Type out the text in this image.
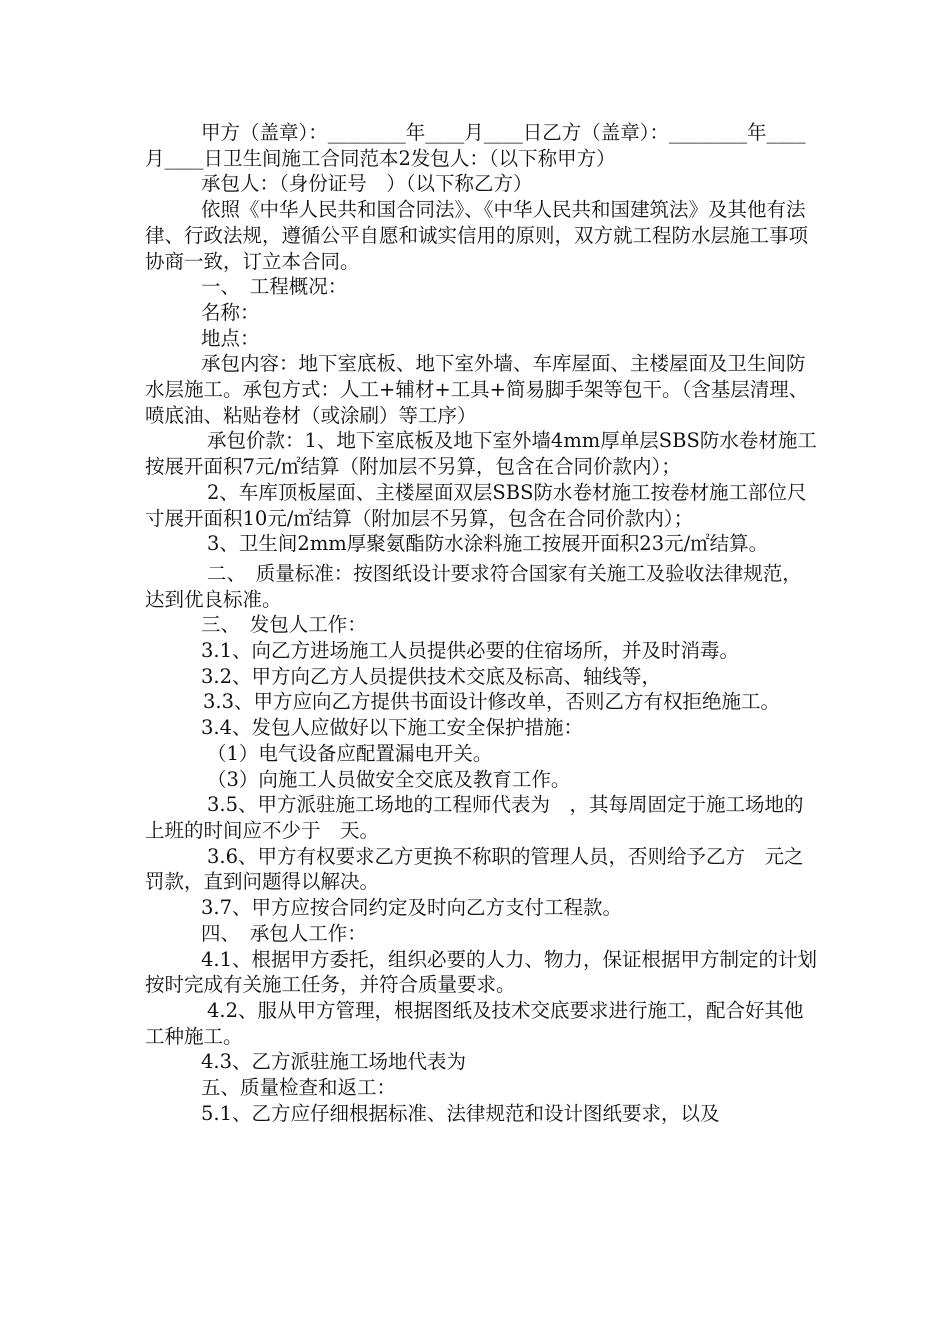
甲方（盖章）：________年____月____日乙方（盖章）：________年____月____日卫生间施工合同范本2发包人：（以下称甲方）

承包人：（身份证号　）（以下称乙方）

依照《中华人民共和国合同法》、《中华人民共和国建筑法》及其他有法律、行政法规，遵循公平自愿和诚实信用的原则，双方就工程防水层施工事项协商一致，订立本合同。

一、　工程概况：

名称：

地点：

承包内容：地下室底板、地下室外墙、车库屋面、主楼屋面及卫生间防水层施工。承包方式：人工+辅材+工具+简易脚手架等包干。（含基层清理、喷底油、粘贴卷材（或涂刷）等工序）

承包价款：1、地下室底板及地下室外墙4mm厚单层SBS防水卷材施工按展开面积7元/㎡结算（附加层不另算，包含在合同价款内）；

2、车库顶板屋面、主楼屋面双层SBS防水卷材施工按卷材施工部位尺寸展开面积10元/㎡结算（附加层不另算，包含在合同价款内）；

3、卫生间2mm厚聚氨酯防水涂料施工按展开面积23元/㎡结算。

二、　质量标准：按图纸设计要求符合国家有关施工及验收法律规范，达到优良标准。

三、　发包人工作：

3.1、向乙方进场施工人员提供必要的住宿场所，并及时消毒。

3.2、甲方向乙方人员提供技术交底及标高、轴线等，

3.3、甲方应向乙方提供书面设计修改单，否则乙方有权拒绝施工。

3.4、发包人应做好以下施工安全保护措施：

（1）电气设备应配置漏电开关。

（3）向施工人员做安全交底及教育工作。

3.5、甲方派驻施工场地的工程师代表为　，其每周固定于施工场地的上班的时间应不少于　天。

3.6、甲方有权要求乙方更换不称职的管理人员，否则给予乙方　元之罚款，直到问题得以解决。

3.7、甲方应按合同约定及时向乙方支付工程款。

四、　承包人工作：

4.1、根据甲方委托，组织必要的人力、物力，保证根据甲方制定的计划按时完成有关施工任务，并符合质量要求。

4.2、服从甲方管理，根据图纸及技术交底要求进行施工，配合好其他工种施工。

4.3、乙方派驻施工场地代表为

五、质量检查和返工：

5.1、乙方应仔细根据标准、法律规范和设计图纸要求，以及
